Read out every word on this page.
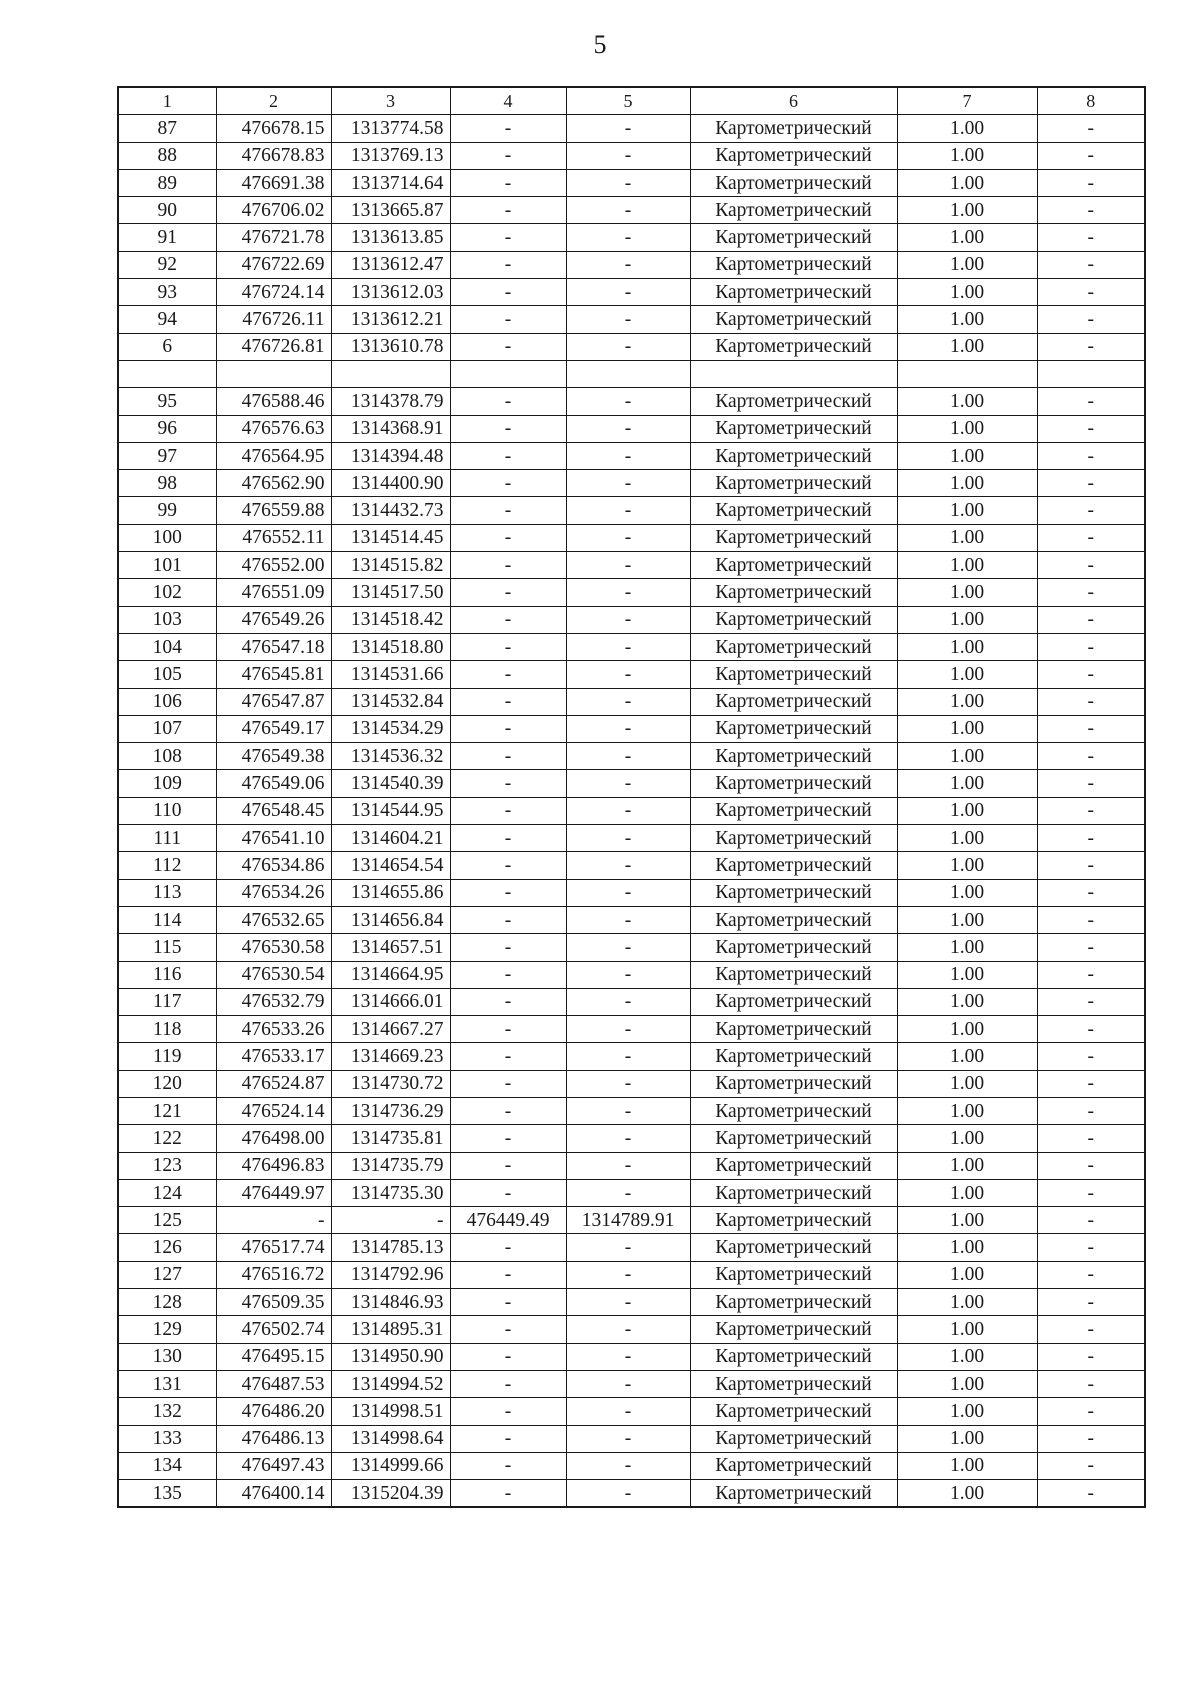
5
1	2	3	4	5	6	7	8
87	476678.15	1313774.58	-	-	Картометрический	1.00	-
88	476678.83	1313769.13	-	-	Картометрический	1.00	-
89	476691.38	1313714.64	-	-	Картометрический	1.00	-
90	476706.02	1313665.87	-	-	Картометрический	1.00	-
91	476721.78	1313613.85	-	-	Картометрический	1.00	-
92	476722.69	1313612.47	-	-	Картометрический	1.00	-
93	476724.14	1313612.03	-	-	Картометрический	1.00	-
94	476726.11	1313612.21	-	-	Картометрический	1.00	-
6	476726.81	1313610.78	-	-	Картометрический	1.00	-

95	476588.46	1314378.79	-	-	Картометрический	1.00	-
96	476576.63	1314368.91	-	-	Картометрический	1.00	-
97	476564.95	1314394.48	-	-	Картометрический	1.00	-
98	476562.90	1314400.90	-	-	Картометрический	1.00	-
99	476559.88	1314432.73	-	-	Картометрический	1.00	-
100	476552.11	1314514.45	-	-	Картометрический	1.00	-
101	476552.00	1314515.82	-	-	Картометрический	1.00	-
102	476551.09	1314517.50	-	-	Картометрический	1.00	-
103	476549.26	1314518.42	-	-	Картометрический	1.00	-
104	476547.18	1314518.80	-	-	Картометрический	1.00	-
105	476545.81	1314531.66	-	-	Картометрический	1.00	-
106	476547.87	1314532.84	-	-	Картометрический	1.00	-
107	476549.17	1314534.29	-	-	Картометрический	1.00	-
108	476549.38	1314536.32	-	-	Картометрический	1.00	-
109	476549.06	1314540.39	-	-	Картометрический	1.00	-
110	476548.45	1314544.95	-	-	Картометрический	1.00	-
111	476541.10	1314604.21	-	-	Картометрический	1.00	-
112	476534.86	1314654.54	-	-	Картометрический	1.00	-
113	476534.26	1314655.86	-	-	Картометрический	1.00	-
114	476532.65	1314656.84	-	-	Картометрический	1.00	-
115	476530.58	1314657.51	-	-	Картометрический	1.00	-
116	476530.54	1314664.95	-	-	Картометрический	1.00	-
117	476532.79	1314666.01	-	-	Картометрический	1.00	-
118	476533.26	1314667.27	-	-	Картометрический	1.00	-
119	476533.17	1314669.23	-	-	Картометрический	1.00	-
120	476524.87	1314730.72	-	-	Картометрический	1.00	-
121	476524.14	1314736.29	-	-	Картометрический	1.00	-
122	476498.00	1314735.81	-	-	Картометрический	1.00	-
123	476496.83	1314735.79	-	-	Картометрический	1.00	-
124	476449.97	1314735.30	-	-	Картометрический	1.00	-
125	-	-	476449.49	1314789.91	Картометрический	1.00	-
126	476517.74	1314785.13	-	-	Картометрический	1.00	-
127	476516.72	1314792.96	-	-	Картометрический	1.00	-
128	476509.35	1314846.93	-	-	Картометрический	1.00	-
129	476502.74	1314895.31	-	-	Картометрический	1.00	-
130	476495.15	1314950.90	-	-	Картометрический	1.00	-
131	476487.53	1314994.52	-	-	Картометрический	1.00	-
132	476486.20	1314998.51	-	-	Картометрический	1.00	-
133	476486.13	1314998.64	-	-	Картометрический	1.00	-
134	476497.43	1314999.66	-	-	Картометрический	1.00	-
135	476400.14	1315204.39	-	-	Картометрический	1.00	-
